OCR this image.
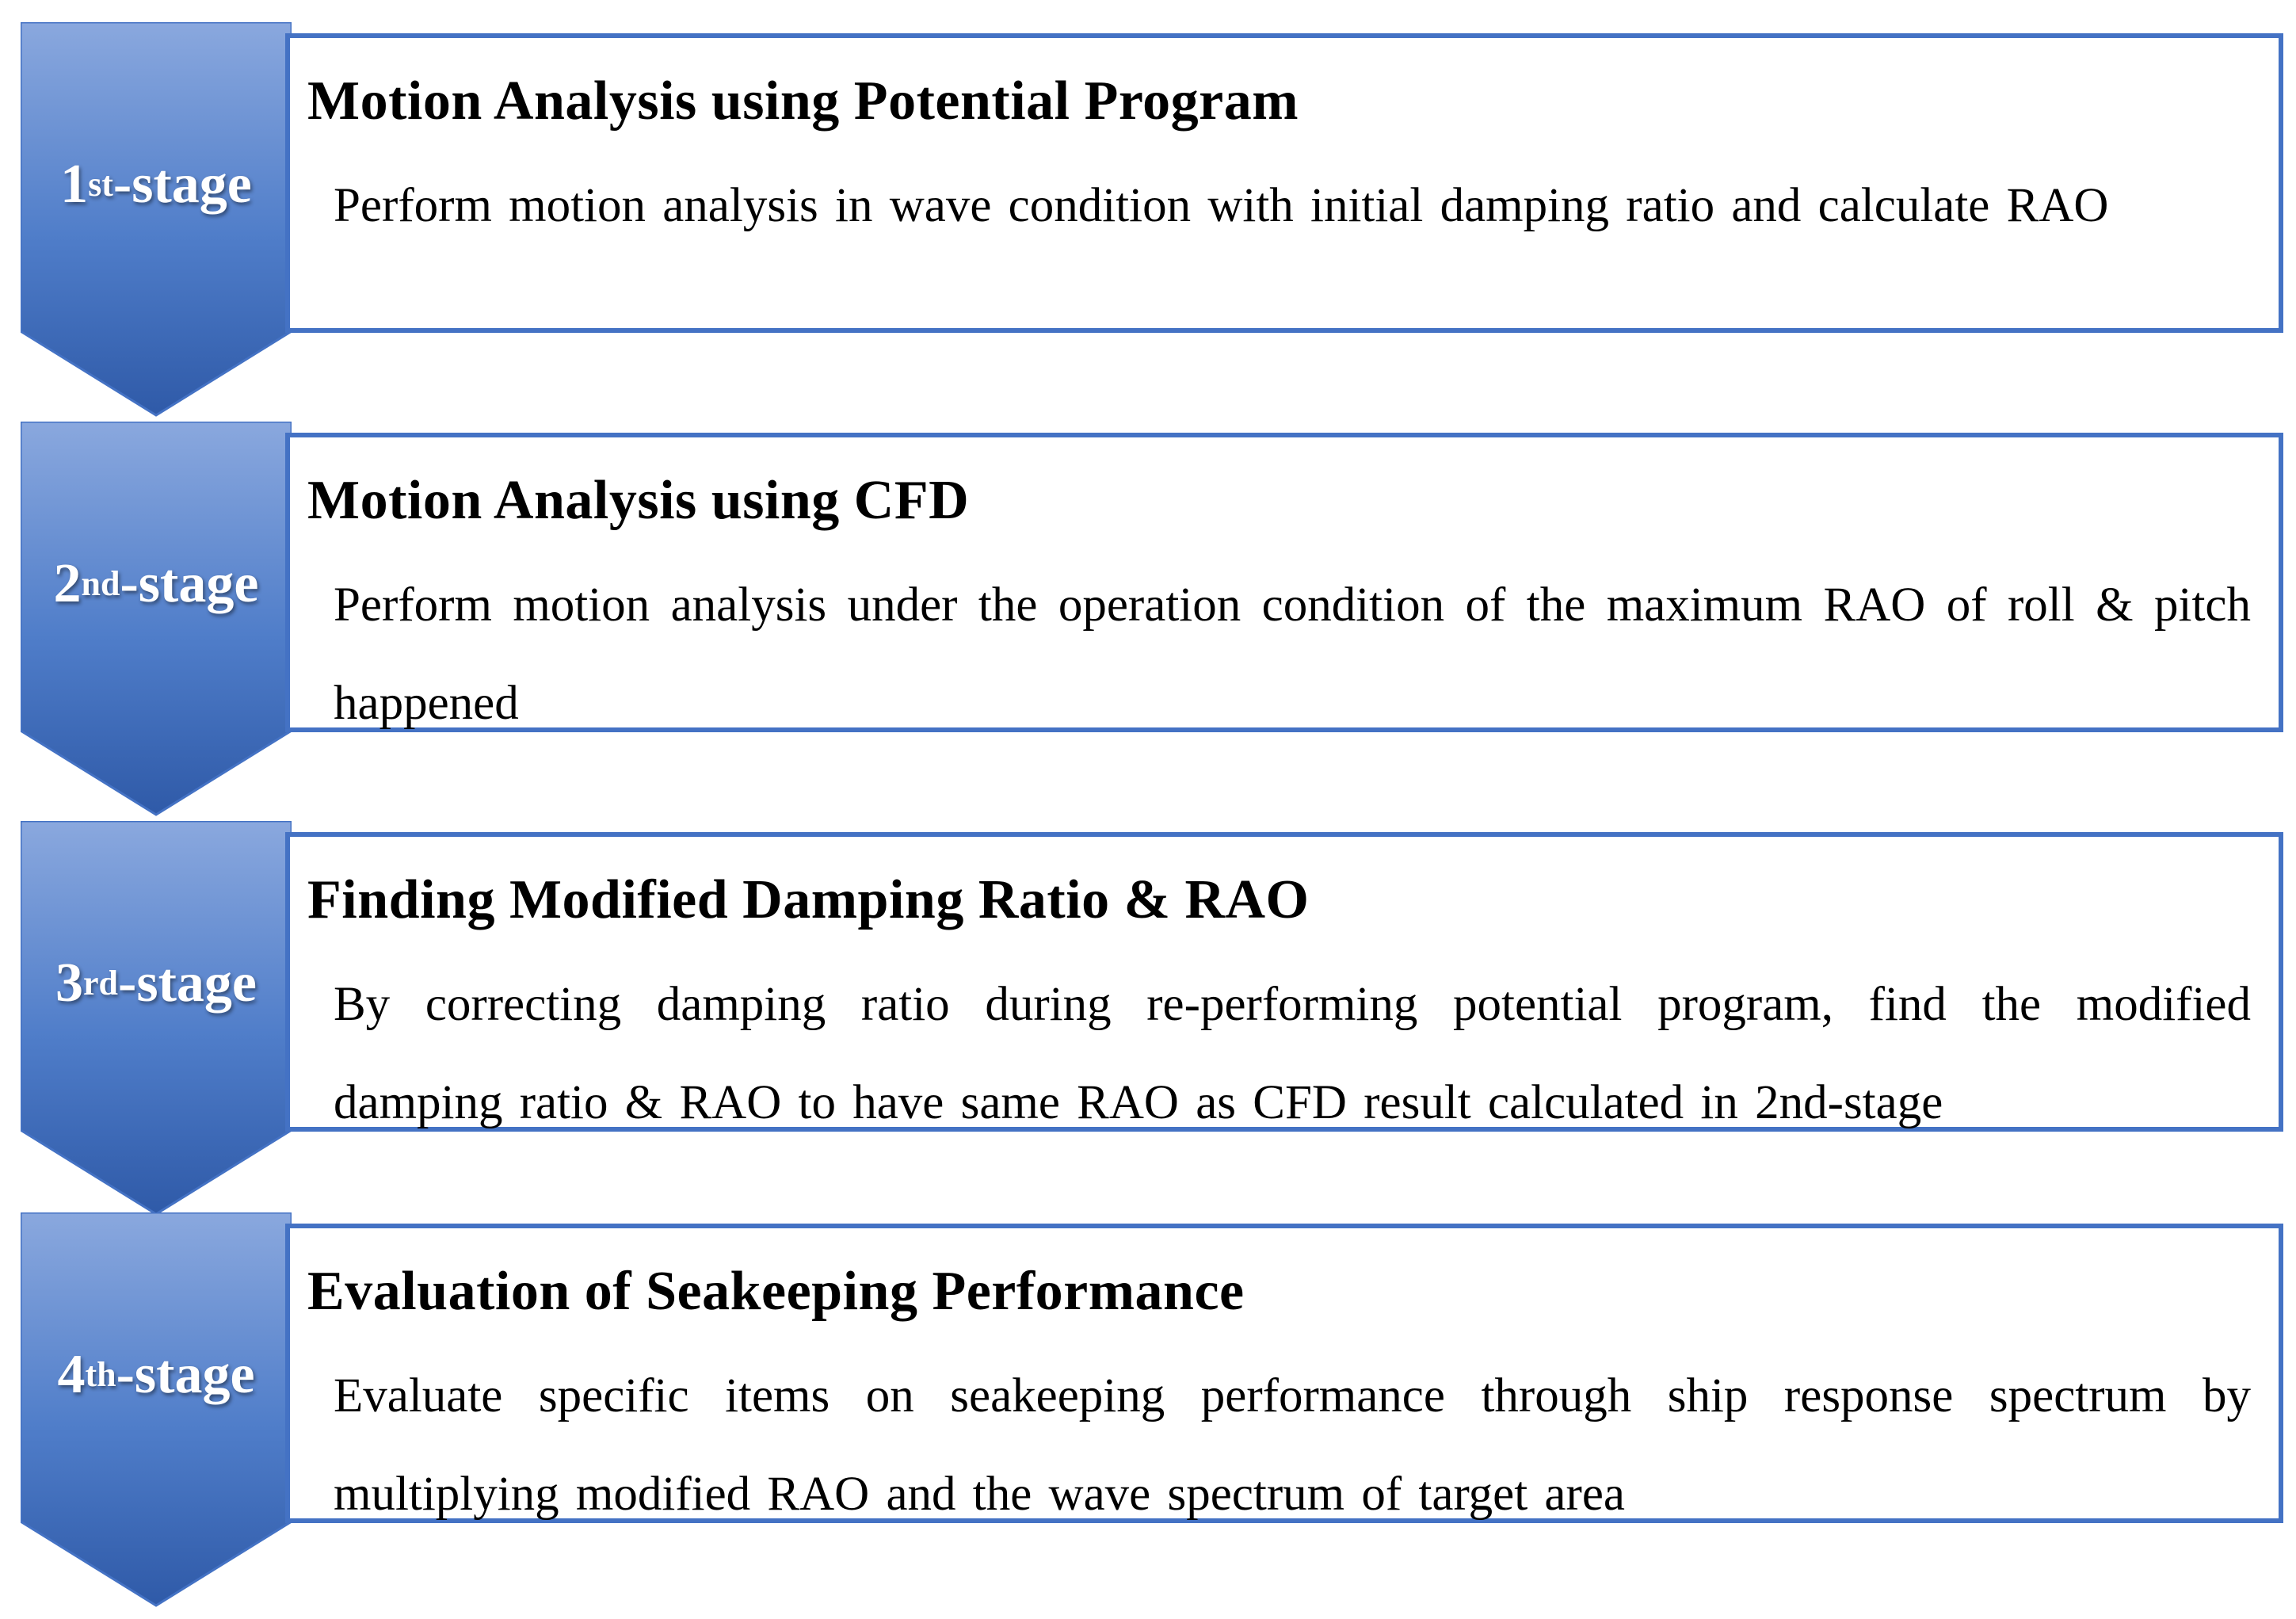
1 st -stage
Motion Analysis using Potential Program
Perform motion analysis in wave condition with initial damping ratio and calculate RAO
2 nd -stage
Motion Analysis using CFD
Perform motion analysis under the operation condition of the maximum RAO of roll & pitch happened
3 rd -stage
Finding Modified Damping Ratio & RAO
By correcting damping ratio during re-performing potential program, find the modified damping ratio & RAO to have same RAO as CFD result calculated in 2nd-stage
4 th -stage
Evaluation of Seakeeping Performance
Evaluate specific items on seakeeping performance through ship response spectrum by multiplying modified RAO and the wave spectrum of target area
